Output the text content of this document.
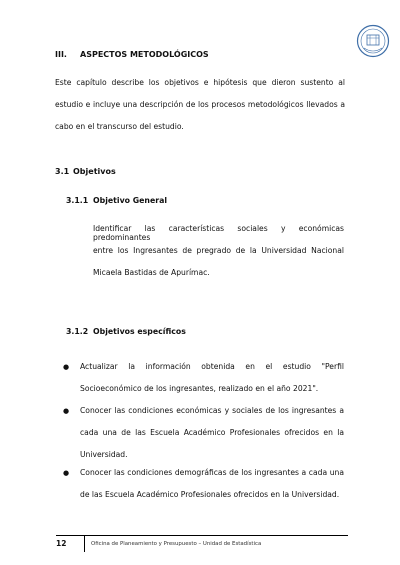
III. ASPECTOS METODOLÓGICOS
Este capítulo describe los objetivos e hipótesis que dieron sustento al
estudio e incluye una descripción de los procesos metodológicos llevados a
cabo en el transcurso del estudio.
3.1 Objetivos
3.1.1 Objetivo General
Identificar las características sociales y económicas predominantes
entre los Ingresantes de pregrado de la Universidad Nacional
Micaela Bastidas de Apurímac.
3.1.2 Objetivos específicos
● Actualizar la información obtenida en el estudio "Perfil
Socioeconómico de los ingresantes, realizado en el año 2021".
● Conocer las condiciones económicas y sociales de los ingresantes a
cada una de las Escuela Académico Profesionales ofrecidos en la
Universidad.
● Conocer las condiciones demográficas de los ingresantes a cada una
de las Escuela Académico Profesionales ofrecidos en la Universidad.
12	Oficina de Planeamiento y Presupuesto – Unidad de Estadística
